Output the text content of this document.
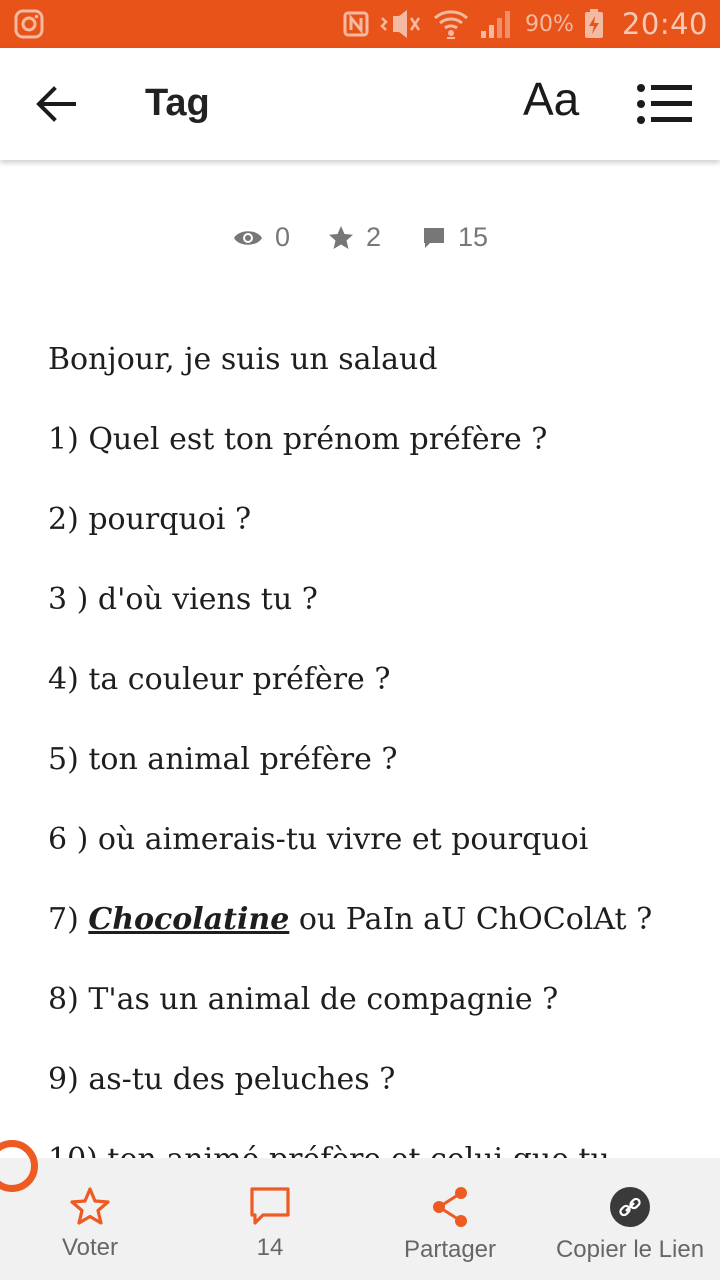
90% 20:40
Tag	Aa
0	2	15
Bonjour, je suis un salaud
1) Quel est ton prénom préfère ?
2) pourquoi ?
3 ) d'où viens tu ?
4) ta couleur préfère ?
5) ton animal préfère ?
6 ) où aimerais-tu vivre et pourquoi
7) Chocolatine ou PaIn aU ChOColAt ?
8) T'as un animal de compagnie ?
9) as-tu des peluches ?
Voter	14	Partager Copier le Lien
